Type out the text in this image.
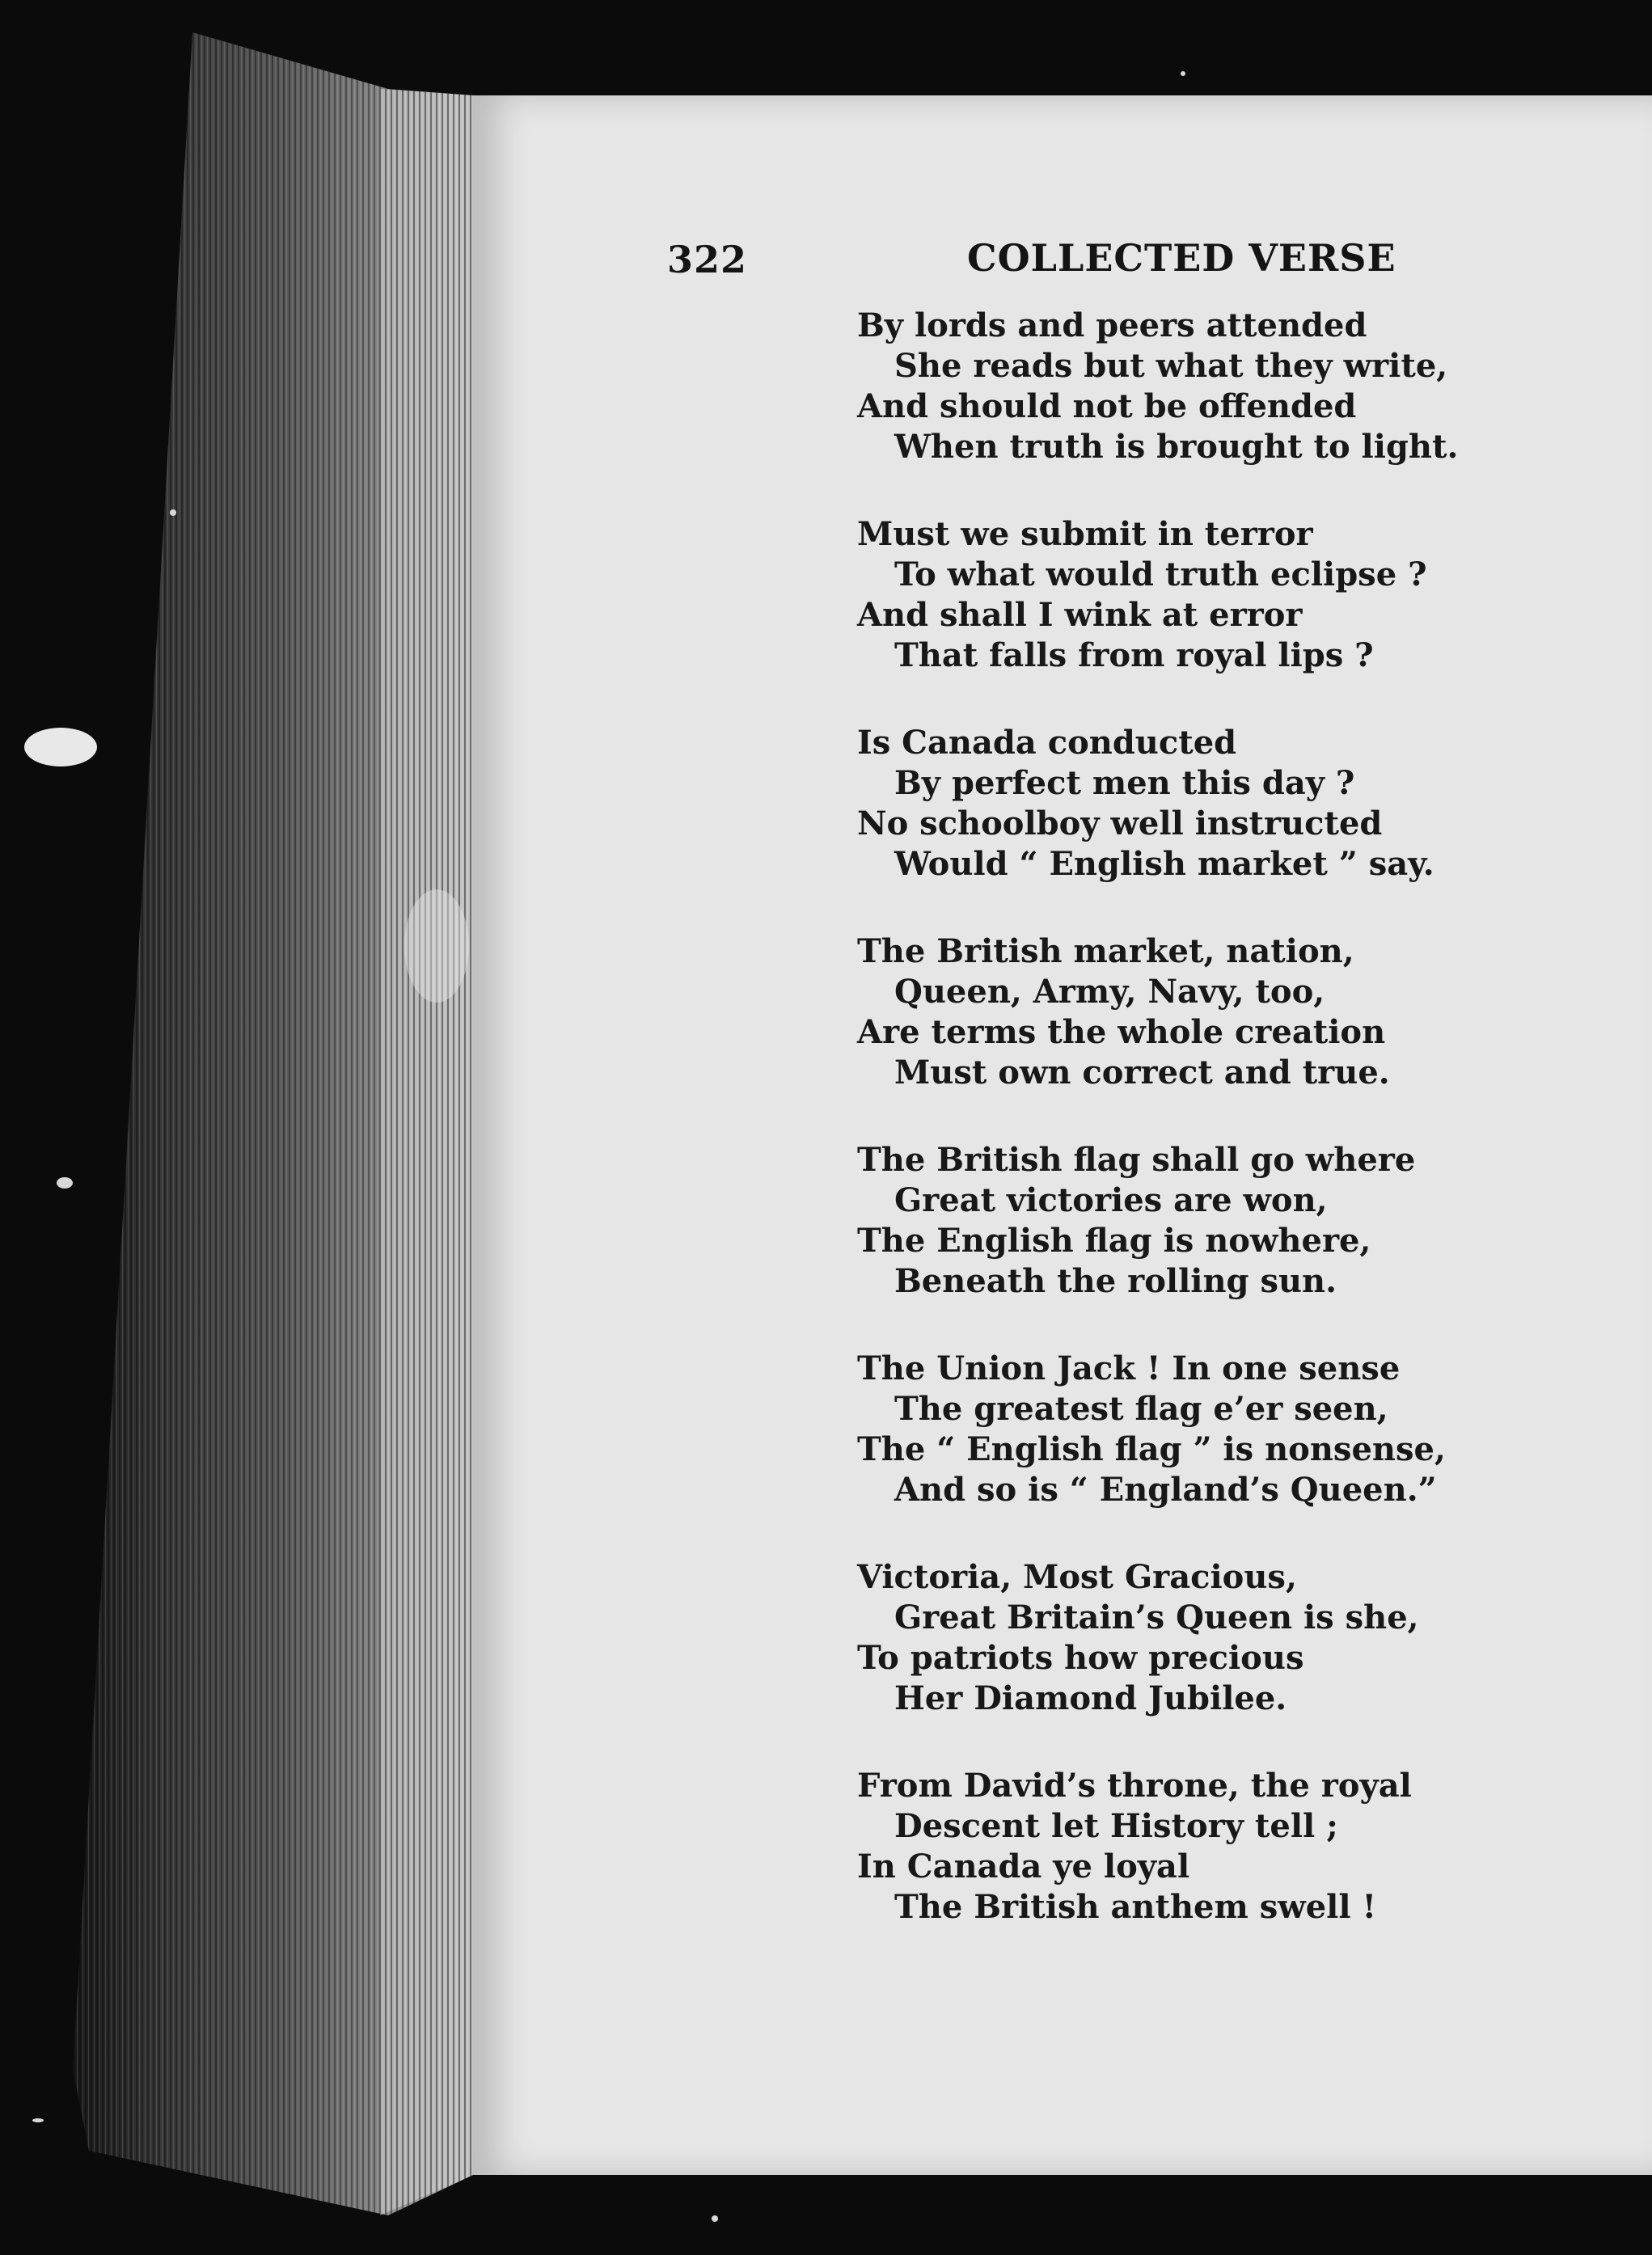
322	COLLECTED VERSE
By lords and peers attended
She reads but what they write,
And should not be offended
When truth is brought to light.
Must we submit in terror
To what would truth eclipse ?
And shall I wink at error
That falls from royal lips ?
Is Canada conducted
By perfect men this day ?
No schoolboy well instructed
Would “ English market ” say.
The British market, nation,
Queen, Army, Navy, too,
Are terms the whole creation
Must own correct and true.
The British flag shall go where
Great victories are won,
The English flag is nowhere,
Beneath the rolling sun.
The Union Jack ! In one sense
The greatest flag e’er seen,
The “ English flag ” is nonsense,
And so is “ England’s Queen.”
Victoria, Most Gracious,
Great Britain’s Queen is she,
To patriots how precious
Her Diamond Jubilee.
From David’s throne, the royal
Descent let History tell ;
In Canada ye loyal
The British anthem swell !
